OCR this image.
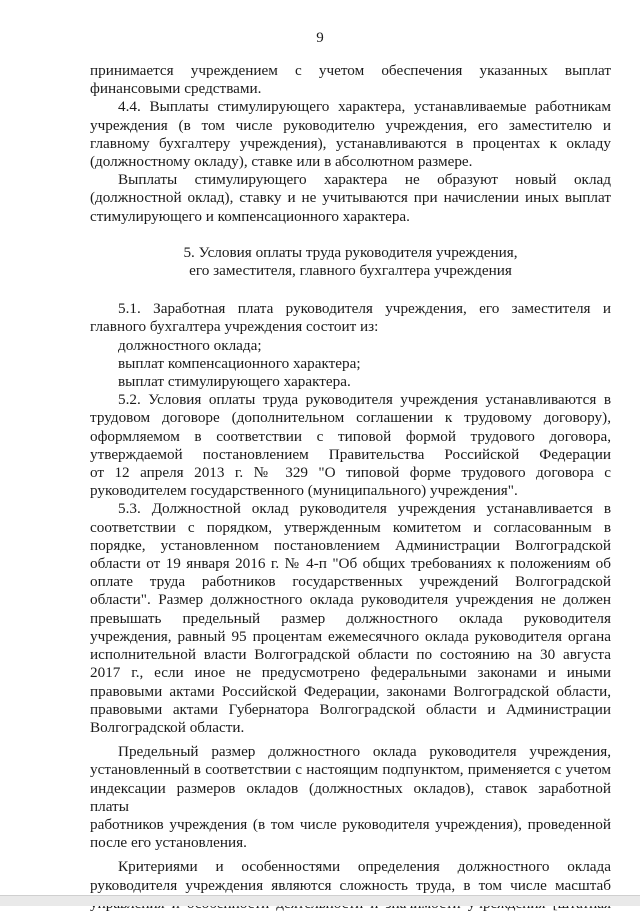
9
принимается учреждением с учетом обеспечения указанных выплат
финансовыми средствами.
4.4. Выплаты стимулирующего характера, устанавливаемые работникам
учреждения (в том числе руководителю учреждения, его заместителю и
главному бухгалтеру учреждения), устанавливаются в процентах к окладу
(должностному окладу), ставке или в абсолютном размере.
Выплаты стимулирующего характера не образуют новый оклад
(должностной оклад), ставку и не учитываются при начислении иных выплат
стимулирующего и компенсационного характера.
5. Условия оплаты труда руководителя учреждения,
его заместителя, главного бухгалтера учреждения
5.1. Заработная плата руководителя учреждения, его заместителя и
главного бухгалтера учреждения состоит из:
должностного оклада;
выплат компенсационного характера;
выплат стимулирующего характера.
5.2. Условия оплаты труда руководителя учреждения устанавливаются в
трудовом договоре (дополнительном соглашении к трудовому договору),
оформляемом в соответствии с типовой формой трудового договора,
утверждаемой постановлением Правительства Российской Федерации
от 12 апреля 2013 г. № 329 "О типовой форме трудового договора с
руководителем государственного (муниципального) учреждения".
5.3. Должностной оклад руководителя учреждения устанавливается в
соответствии с порядком, утвержденным комитетом и согласованным в
порядке, установленном постановлением Администрации Волгоградской
области от 19 января 2016 г. № 4-п "Об общих требованиях к положениям об
оплате труда работников государственных учреждений Волгоградской
области". Размер должностного оклада руководителя учреждения не должен
превышать предельный размер должностного оклада руководителя
учреждения, равный 95 процентам ежемесячного оклада руководителя органа
исполнительной власти Волгоградской области по состоянию на 30 августа
2017 г., если иное не предусмотрено федеральными законами и иными
правовыми актами Российской Федерации, законами Волгоградской области,
правовыми актами Губернатора Волгоградской области и Администрации
Волгоградской области.
Предельный размер должностного оклада руководителя учреждения,
установленный в соответствии с настоящим подпунктом, применяется с учетом
индексации размеров окладов (должностных окладов), ставок заработной платы
работников учреждения (в том числе руководителя учреждения), проведенной
после его установления.
Критериями и особенностями определения должностного оклада
руководителя учреждения являются сложность труда, в том числе масштаб
